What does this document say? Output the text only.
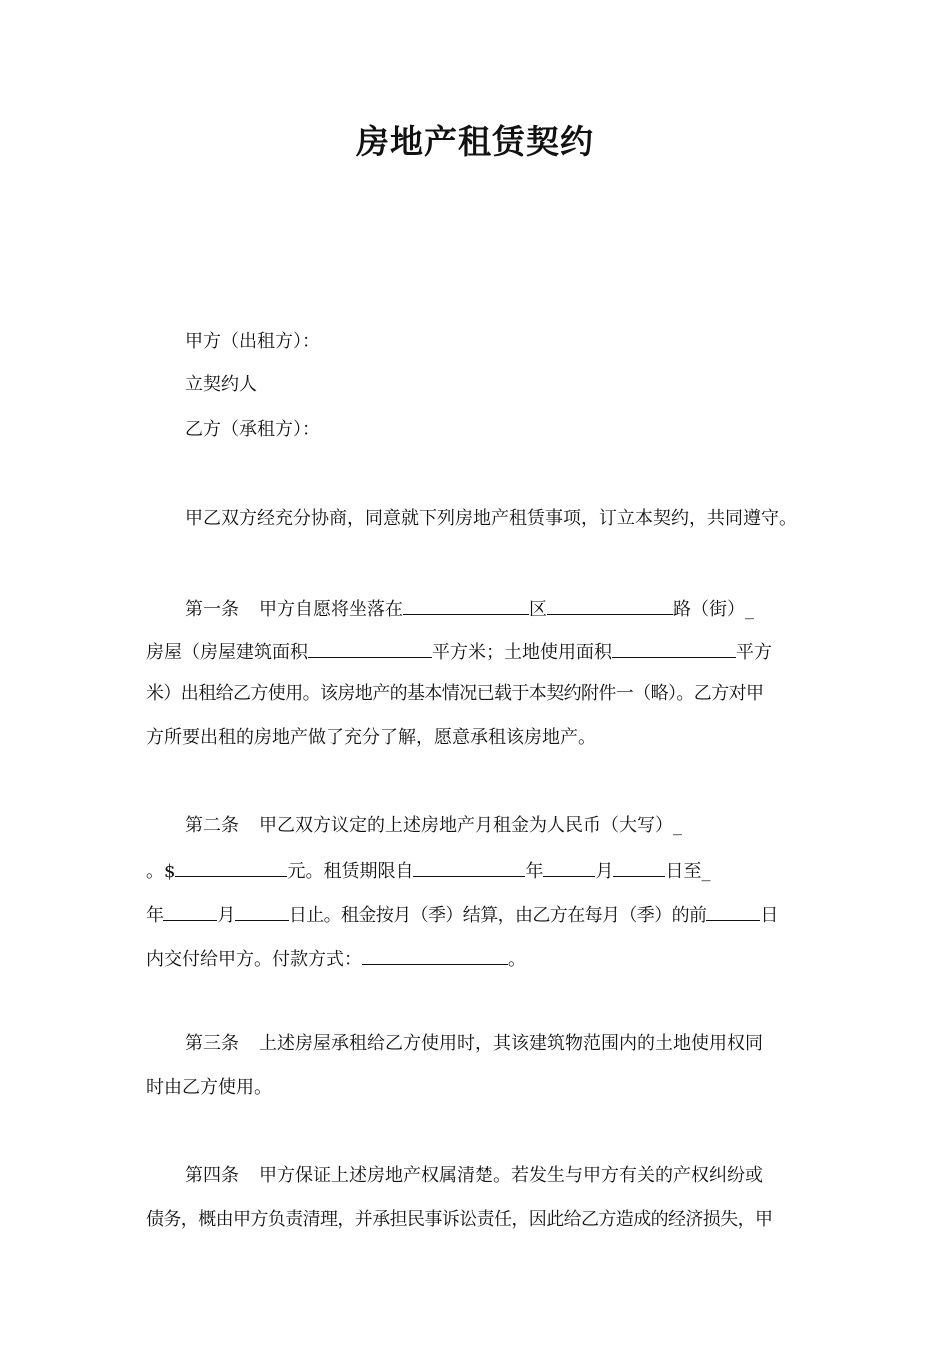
房地产租赁契约
甲方（出租方）：
立契约人
乙方（承租方）：
甲乙双方经充分协商，同意就下列房地产租赁事项，订立本契约，共同遵守。
第一条 甲方自愿将坐落在	区	路（街）_
房屋（房屋建筑面积	平方米；土地使用面积	平方
米）出租给乙方使用。该房地产的基本情况已载于本契约附件一（略）。乙方对甲
方所要出租的房地产做了充分了解，愿意承租该房地产。
第二条 甲乙双方议定的上述房地产月租金为人民币（大写）_
。$	元。租赁期限自	年	月	日至_
年	月	日止。租金按月（季）结算，由乙方在每月（季）的前	日
内交付给甲方。付款方式：	。
第三条 上述房屋承租给乙方使用时，其该建筑物范围内的土地使用权同
时由乙方使用。
第四条 甲方保证上述房地产权属清楚。若发生与甲方有关的产权纠纷或
债务，概由甲方负责清理，并承担民事诉讼责任，因此给乙方造成的经济损失，甲
